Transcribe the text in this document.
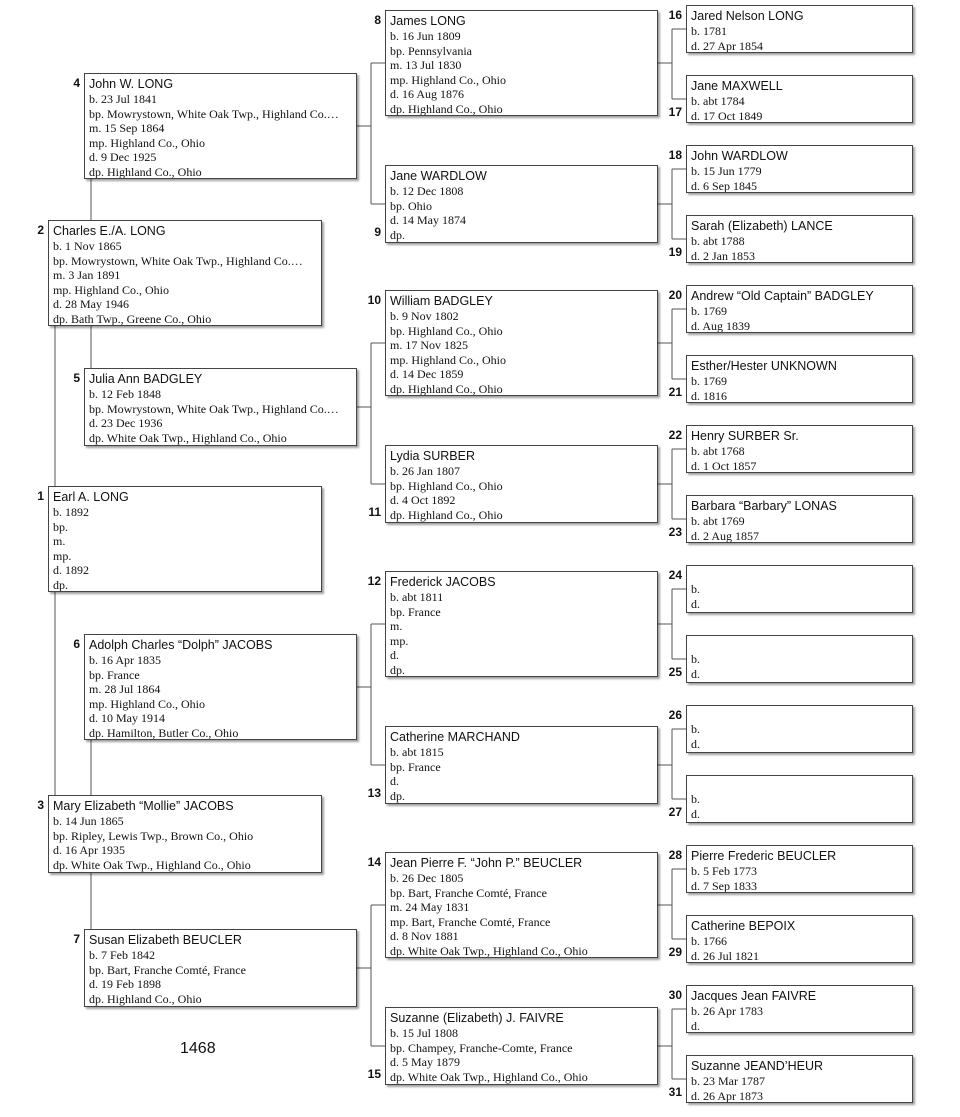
Earl A. LONG
b. 1892
bp.
m.
mp.
d. 1892
dp.
1
Charles E./A. LONG
b. 1 Nov 1865
bp. Mowrystown, White Oak Twp., Highland Co.…
m. 3 Jan 1891
mp. Highland Co., Ohio
d. 28 May 1946
dp. Bath Twp., Greene Co., Ohio
2
Mary Elizabeth “Mollie” JACOBS
b. 14 Jun 1865
bp. Ripley, Lewis Twp., Brown Co., Ohio
d. 16 Apr 1935
dp. White Oak Twp., Highland Co., Ohio
3
John W. LONG
b. 23 Jul 1841
bp. Mowrystown, White Oak Twp., Highland Co.…
m. 15 Sep 1864
mp. Highland Co., Ohio
d. 9 Dec 1925
dp. Highland Co., Ohio
4
Julia Ann BADGLEY
b. 12 Feb 1848
bp. Mowrystown, White Oak Twp., Highland Co.…
d. 23 Dec 1936
dp. White Oak Twp., Highland Co., Ohio
5
Adolph Charles “Dolph” JACOBS
b. 16 Apr 1835
bp. France
m. 28 Jul 1864
mp. Highland Co., Ohio
d. 10 May 1914
dp. Hamilton, Butler Co., Ohio
6
Susan Elizabeth BEUCLER
b. 7 Feb 1842
bp. Bart, Franche Comté, France
d. 19 Feb 1898
dp. Highland Co., Ohio
7
James LONG
b. 16 Jun 1809
bp. Pennsylvania
m. 13 Jul 1830
mp. Highland Co., Ohio
d. 16 Aug 1876
dp. Highland Co., Ohio
8
Jane WARDLOW
b. 12 Dec 1808
bp. Ohio
d. 14 May 1874
dp.
9
William BADGLEY
b. 9 Nov 1802
bp. Highland Co., Ohio
m. 17 Nov 1825
mp. Highland Co., Ohio
d. 14 Dec 1859
dp. Highland Co., Ohio
10
Lydia SURBER
b. 26 Jan 1807
bp. Highland Co., Ohio
d. 4 Oct 1892
dp. Highland Co., Ohio
11
Frederick JACOBS
b. abt 1811
bp. France
m.
mp.
d.
dp.
12
Catherine MARCHAND
b. abt 1815
bp. France
d.
dp.
13
Jean Pierre F. “John P.” BEUCLER
b. 26 Dec 1805
bp. Bart, Franche Comté, France
m. 24 May 1831
mp. Bart, Franche Comté, France
d. 8 Nov 1881
dp. White Oak Twp., Highland Co., Ohio
14
Suzanne (Elizabeth) J. FAIVRE
b. 15 Jul 1808
bp. Champey, Franche-Comte, France
d. 5 May 1879
dp. White Oak Twp., Highland Co., Ohio
15
Jared Nelson LONG
b. 1781
d. 27 Apr 1854
16
Jane MAXWELL
b. abt 1784
d. 17 Oct 1849
17
John WARDLOW
b. 15 Jun 1779
d. 6 Sep 1845
18
Sarah (Elizabeth) LANCE
b. abt 1788
d. 2 Jan 1853
19
Andrew “Old Captain” BADGLEY
b. 1769
d. Aug 1839
20
Esther/Hester UNKNOWN
b. 1769
d. 1816
21
Henry SURBER Sr.
b. abt 1768
d. 1 Oct 1857
22
Barbara “Barbary” LONAS
b. abt 1769
d. 2 Aug 1857
23
b.
d.
24
b.
d.
25
b.
d.
26
b.
d.
27
Pierre Frederic BEUCLER
b. 5 Feb 1773
d. 7 Sep 1833
28
Catherine BEPOIX
b. 1766
d. 26 Jul 1821
29
Jacques Jean FAIVRE
b. 26 Apr 1783
d.
30
Suzanne JEAND’HEUR
b. 23 Mar 1787
d. 26 Apr 1873
31
1468
